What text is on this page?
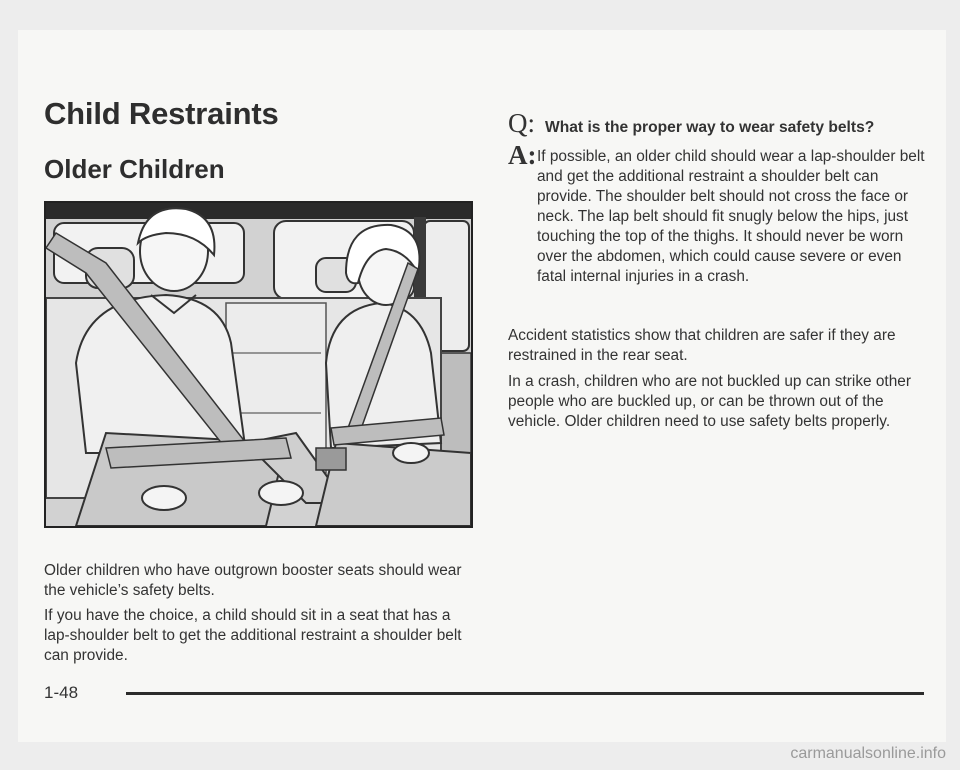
Child Restraints
Older Children

Older children who have outgrown booster seats should wear the vehicle’s safety belts.

If you have the choice, a child should sit in a seat that has a lap-shoulder belt to get the additional restraint a shoulder belt can provide.

Q: What is the proper way to wear safety belts?
A: If possible, an older child should wear a lap-shoulder belt and get the additional restraint a shoulder belt can provide. The shoulder belt should not cross the face or neck. The lap belt should fit snugly below the hips, just touching the top of the thighs. It should never be worn over the abdomen, which could cause severe or even fatal internal injuries in a crash.

Accident statistics show that children are safer if they are restrained in the rear seat.

In a crash, children who are not buckled up can strike other people who are buckled up, or can be thrown out of the vehicle. Older children need to use safety belts properly.

1-48
carmanualsonline.info
